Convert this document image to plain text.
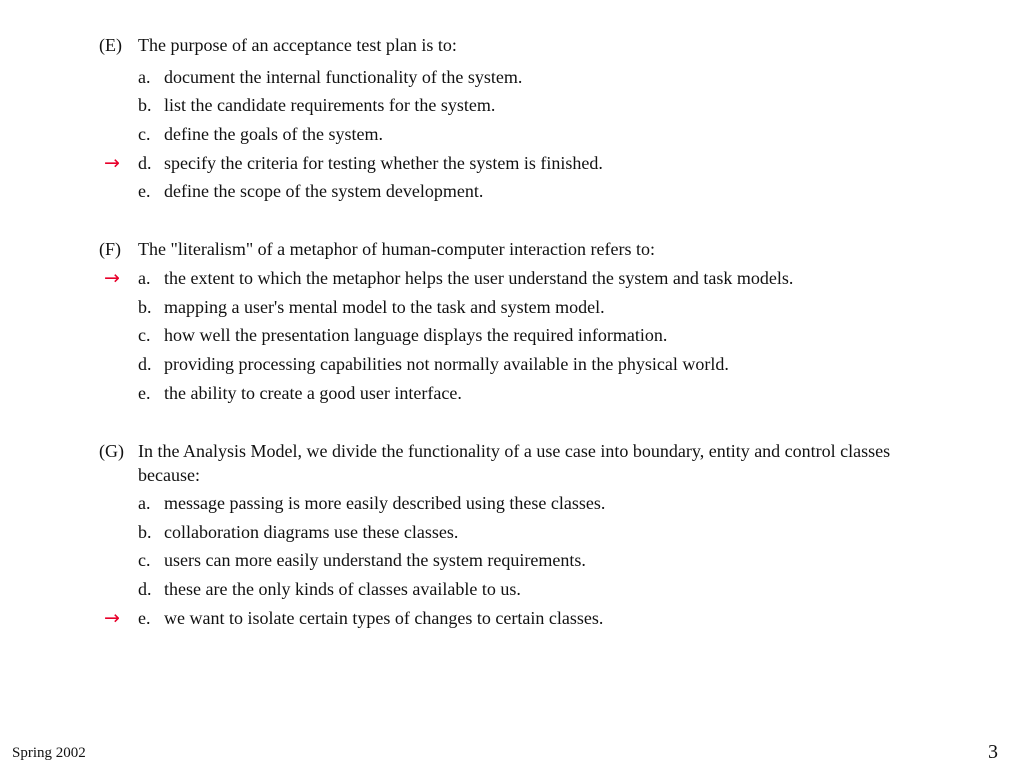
(E) The purpose of an acceptance test plan is to:
a. document the internal functionality of the system.
b. list the candidate requirements for the system.
c. define the goals of the system.
→ d. specify the criteria for testing whether the system is finished.
e. define the scope of the system development.
(F) The "literalism" of a metaphor of human-computer interaction refers to:
→ a. the extent to which the metaphor helps the user understand the system and task models.
b. mapping a user's mental model to the task and system model.
c. how well the presentation language displays the required information.
d. providing processing capabilities not normally available in the physical world.
e. the ability to create a good user interface.
(G) In the Analysis Model, we divide the functionality of a use case into boundary, entity and control classes because:
a. message passing is more easily described using these classes.
b. collaboration diagrams use these classes.
c. users can more easily understand the system requirements.
d. these are the only kinds of classes available to us.
→ e. we want to isolate certain types of changes to certain classes.
Spring 2002	3
